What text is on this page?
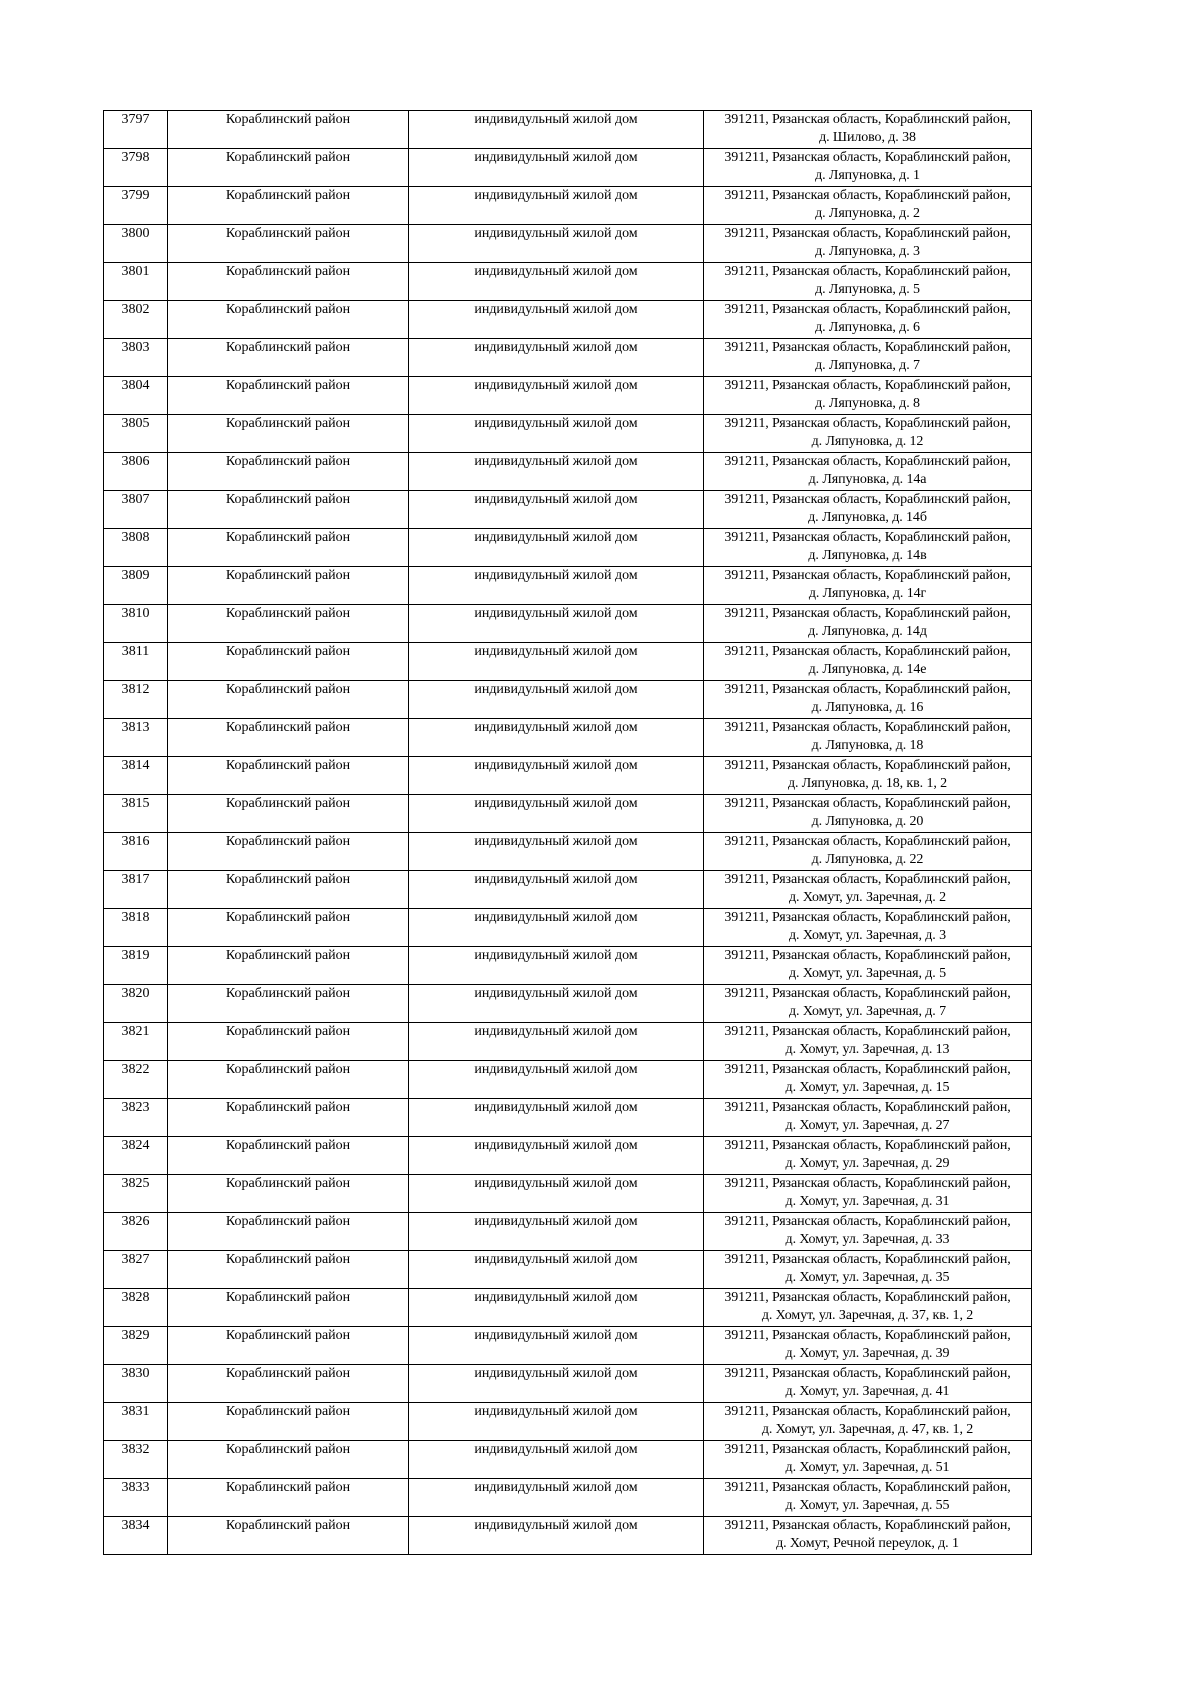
3797	Кораблинский район	индивидульный жилой дом	391211, Рязанская область, Кораблинский район,
д. Шилово, д. 38

3798	Кораблинский район	индивидульный жилой дом	391211, Рязанская область, Кораблинский район,
д. Ляпуновка, д. 1

3799	Кораблинский район	индивидульный жилой дом	391211, Рязанская область, Кораблинский район,
д. Ляпуновка, д. 2

3800	Кораблинский район	индивидульный жилой дом	391211, Рязанская область, Кораблинский район,
д. Ляпуновка, д. 3

3801	Кораблинский район	индивидульный жилой дом	391211, Рязанская область, Кораблинский район,
д. Ляпуновка, д. 5

3802	Кораблинский район	индивидульный жилой дом	391211, Рязанская область, Кораблинский район,
д. Ляпуновка, д. 6

3803	Кораблинский район	индивидульный жилой дом	391211, Рязанская область, Кораблинский район,
д. Ляпуновка, д. 7

3804	Кораблинский район	индивидульный жилой дом	391211, Рязанская область, Кораблинский район,
д. Ляпуновка, д. 8

3805	Кораблинский район	индивидульный жилой дом	391211, Рязанская область, Кораблинский район,
д. Ляпуновка, д. 12

3806	Кораблинский район	индивидульный жилой дом	391211, Рязанская область, Кораблинский район,
д. Ляпуновка, д. 14а

3807	Кораблинский район	индивидульный жилой дом	391211, Рязанская область, Кораблинский район,
д. Ляпуновка, д. 14б

3808	Кораблинский район	индивидульный жилой дом	391211, Рязанская область, Кораблинский район,
д. Ляпуновка, д. 14в

3809	Кораблинский район	индивидульный жилой дом	391211, Рязанская область, Кораблинский район,
д. Ляпуновка, д. 14г

3810	Кораблинский район	индивидульный жилой дом	391211, Рязанская область, Кораблинский район,
д. Ляпуновка, д. 14д

3811	Кораблинский район	индивидульный жилой дом	391211, Рязанская область, Кораблинский район,
д. Ляпуновка, д. 14е

3812	Кораблинский район	индивидульный жилой дом	391211, Рязанская область, Кораблинский район,
д. Ляпуновка, д. 16

3813	Кораблинский район	индивидульный жилой дом	391211, Рязанская область, Кораблинский район,
д. Ляпуновка, д. 18

3814	Кораблинский район	индивидульный жилой дом	391211, Рязанская область, Кораблинский район,
д. Ляпуновка, д. 18, кв. 1, 2

3815	Кораблинский район	индивидульный жилой дом	391211, Рязанская область, Кораблинский район,
д. Ляпуновка, д. 20

3816	Кораблинский район	индивидульный жилой дом	391211, Рязанская область, Кораблинский район,
д. Ляпуновка, д. 22

3817	Кораблинский район	индивидульный жилой дом	391211, Рязанская область, Кораблинский район,
д. Хомут, ул. Заречная, д. 2

3818	Кораблинский район	индивидульный жилой дом	391211, Рязанская область, Кораблинский район,
д. Хомут, ул. Заречная, д. 3

3819	Кораблинский район	индивидульный жилой дом	391211, Рязанская область, Кораблинский район,
д. Хомут, ул. Заречная, д. 5

3820	Кораблинский район	индивидульный жилой дом	391211, Рязанская область, Кораблинский район,
д. Хомут, ул. Заречная, д. 7

3821	Кораблинский район	индивидульный жилой дом	391211, Рязанская область, Кораблинский район,
д. Хомут, ул. Заречная, д. 13

3822	Кораблинский район	индивидульный жилой дом	391211, Рязанская область, Кораблинский район,
д. Хомут, ул. Заречная, д. 15

3823	Кораблинский район	индивидульный жилой дом	391211, Рязанская область, Кораблинский район,
д. Хомут, ул. Заречная, д. 27

3824	Кораблинский район	индивидульный жилой дом	391211, Рязанская область, Кораблинский район,
д. Хомут, ул. Заречная, д. 29

3825	Кораблинский район	индивидульный жилой дом	391211, Рязанская область, Кораблинский район,
д. Хомут, ул. Заречная, д. 31

3826	Кораблинский район	индивидульный жилой дом	391211, Рязанская область, Кораблинский район,
д. Хомут, ул. Заречная, д. 33

3827	Кораблинский район	индивидульный жилой дом	391211, Рязанская область, Кораблинский район,
д. Хомут, ул. Заречная, д. 35

3828	Кораблинский район	индивидульный жилой дом	391211, Рязанская область, Кораблинский район,
д. Хомут, ул. Заречная, д. 37, кв. 1, 2

3829	Кораблинский район	индивидульный жилой дом	391211, Рязанская область, Кораблинский район,
д. Хомут, ул. Заречная, д. 39

3830	Кораблинский район	индивидульный жилой дом	391211, Рязанская область, Кораблинский район,
д. Хомут, ул. Заречная, д. 41

3831	Кораблинский район	индивидульный жилой дом	391211, Рязанская область, Кораблинский район,
д. Хомут, ул. Заречная, д. 47, кв. 1, 2

3832	Кораблинский район	индивидульный жилой дом	391211, Рязанская область, Кораблинский район,
д. Хомут, ул. Заречная, д. 51

3833	Кораблинский район	индивидульный жилой дом	391211, Рязанская область, Кораблинский район,
д. Хомут, ул. Заречная, д. 55

3834	Кораблинский район	индивидульный жилой дом	391211, Рязанская область, Кораблинский район,
д. Хомут, Речной переулок, д. 1
